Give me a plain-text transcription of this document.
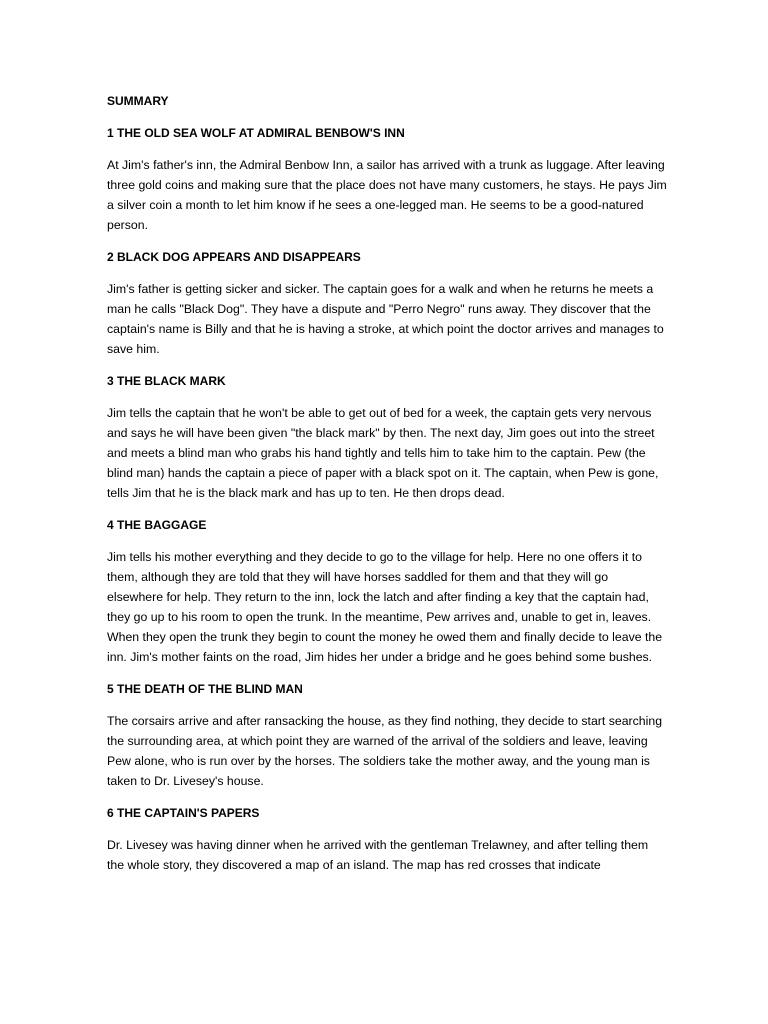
SUMMARY

1 THE OLD SEA WOLF AT ADMIRAL BENBOW'S INN

At Jim's father's inn, the Admiral Benbow Inn, a sailor has arrived with a trunk as luggage. After leaving three gold coins and making sure that the place does not have many customers, he stays. He pays Jim a silver coin a month to let him know if he sees a one-legged man. He seems to be a good-natured person.

2 BLACK DOG APPEARS AND DISAPPEARS

Jim's father is getting sicker and sicker. The captain goes for a walk and when he returns he meets a man he calls "Black Dog". They have a dispute and "Perro Negro" runs away. They discover that the captain's name is Billy and that he is having a stroke, at which point the doctor arrives and manages to save him.

3 THE BLACK MARK

Jim tells the captain that he won't be able to get out of bed for a week, the captain gets very nervous and says he will have been given "the black mark" by then. The next day, Jim goes out into the street and meets a blind man who grabs his hand tightly and tells him to take him to the captain. Pew (the blind man) hands the captain a piece of paper with a black spot on it. The captain, when Pew is gone, tells Jim that he is the black mark and has up to ten. He then drops dead.

4 THE BAGGAGE

Jim tells his mother everything and they decide to go to the village for help. Here no one offers it to them, although they are told that they will have horses saddled for them and that they will go elsewhere for help. They return to the inn, lock the latch and after finding a key that the captain had, they go up to his room to open the trunk. In the meantime, Pew arrives and, unable to get in, leaves. When they open the trunk they begin to count the money he owed them and finally decide to leave the inn. Jim's mother faints on the road, Jim hides her under a bridge and he goes behind some bushes.

5 THE DEATH OF THE BLIND MAN

The corsairs arrive and after ransacking the house, as they find nothing, they decide to start searching the surrounding area, at which point they are warned of the arrival of the soldiers and leave, leaving Pew alone, who is run over by the horses. The soldiers take the mother away, and the young man is taken to Dr. Livesey's house.

6 THE CAPTAIN'S PAPERS

Dr. Livesey was having dinner when he arrived with the gentleman Trelawney, and after telling them the whole story, they discovered a map of an island. The map has red crosses that indicate
